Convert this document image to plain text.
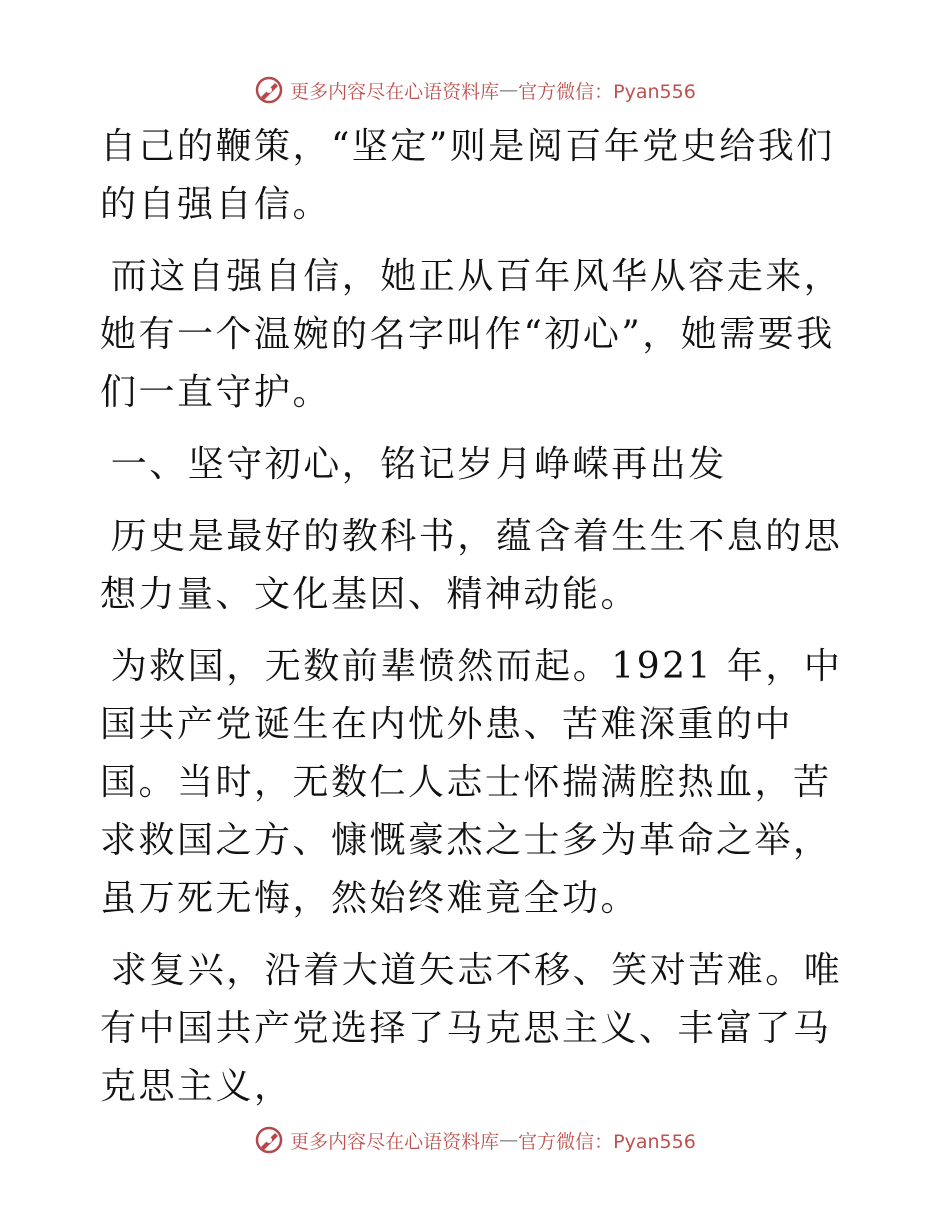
更多内容尽在心语资料库 — 官方微信：Pyan556

自己的鞭策，“坚定”则是阅百年党史给我们的自强自信。

而这自强自信，她正从百年风华从容走来，她有一个温婉的名字叫作“初心”，她需要我们一直守护。

一、坚守初心，铭记岁月峥嵘再出发

历史是最好的教科书，蕴含着生生不息的思想力量、文化基因、精神动能。

为救国，无数前辈愤然而起。1921 年，中国共产党诞生在内忧外患、苦难深重的中国。当时，无数仁人志士怀揣满腔热血，苦求救国之方、慷慨豪杰之士多为革命之举，虽万死无悔，然始终难竟全功。

求复兴，沿着大道矢志不移、笑对苦难。唯有中国共产党选择了马克思主义、丰富了马克思主义，

更多内容尽在心语资料库 — 官方微信：Pyan556
